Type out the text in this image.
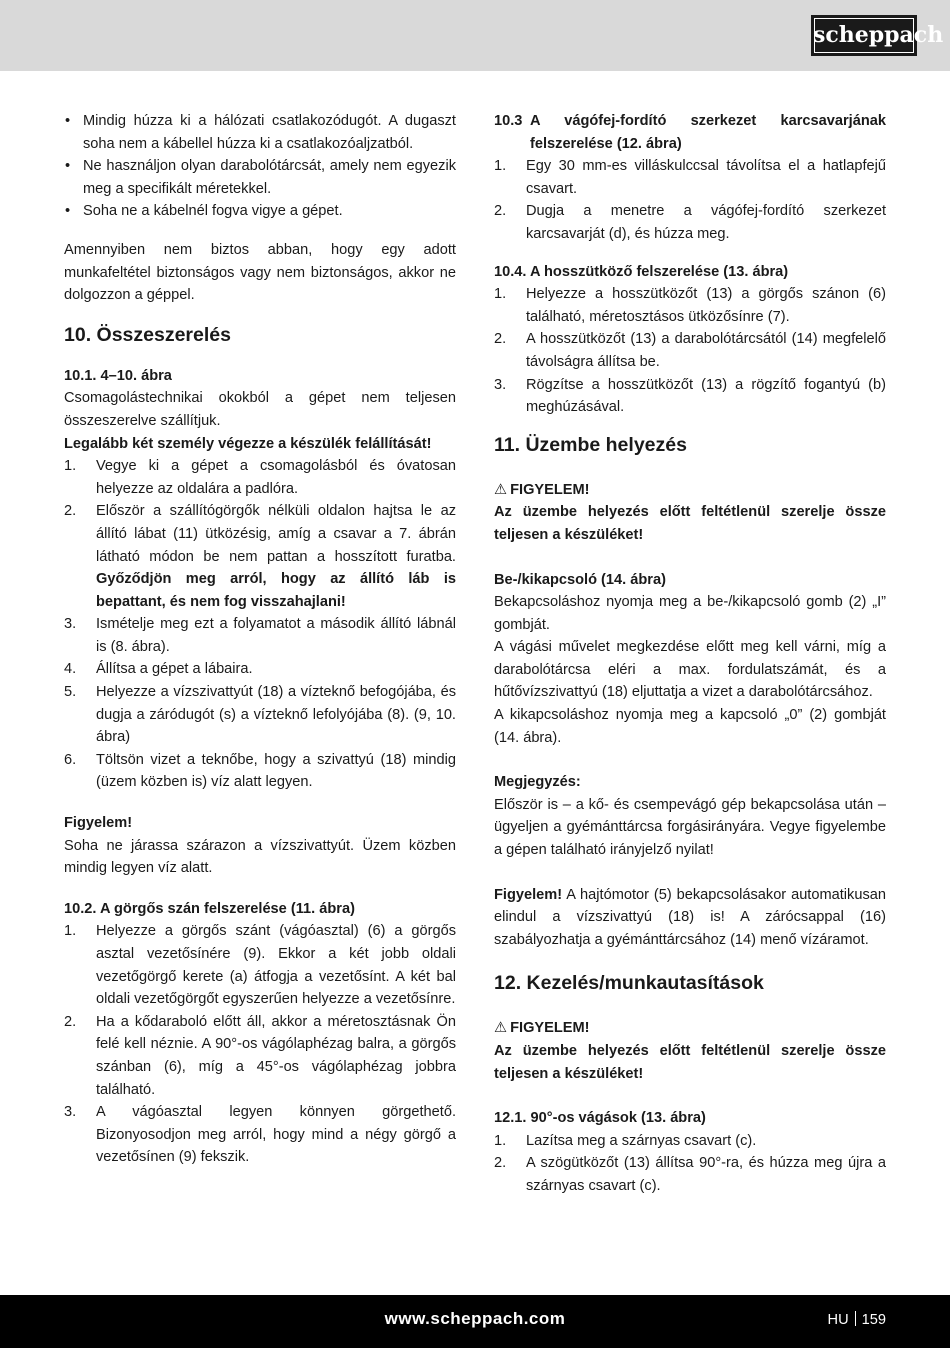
scheppach
• Mindig húzza ki a hálózati csatlakozódugót. A dugaszt soha nem a kábellel húzza ki a csatlakozóaljzatból.
• Ne használjon olyan darabolótárcsát, amely nem egyezik meg a specifikált méretekkel.
• Soha ne a kábelnél fogva vigye a gépet.

Amennyiben nem biztos abban, hogy egy adott munkafeltétel biztonságos vagy nem biztonságos, akkor ne dolgozzon a géppel.

10. Összeszerelés
10.1. 4–10. ábra

Csomagolástechnikai okokból a gépet nem teljesen összeszerelve szállítjuk.

Legalább két személy végezze a készülék felállítását!

1. Vegye ki a gépet a csomagolásból és óvatosan helyezze az oldalára a padlóra.
2. Először a szállítógörgők nélküli oldalon hajtsa le az állító lábat (11) ütközésig, amíg a csavar a 7. ábrán látható módon be nem pattan a hosszított furatba. Győződjön meg arról, hogy az állító láb is bepattant, és nem fog visszahajlani!
3. Ismételje meg ezt a folyamatot a második állító lábnál is (8. ábra).
4. Állítsa a gépet a lábaira.
5. Helyezze a vízszivattyút (18) a vízteknő befogójába, és dugja a záródugót (s) a vízteknő lefolyójába (8). (9, 10. ábra)
6. Töltsön vizet a teknőbe, hogy a szivattyú (18) mindig (üzem közben is) víz alatt legyen.
Figyelem!

Soha ne járassa szárazon a vízszivattyút. Üzem közben mindig legyen víz alatt.

10.2. A görgős szán felszerelése (11. ábra)
1. Helyezze a görgős szánt (vágóasztal) (6) a görgős asztal vezetősínére (9). Ekkor a két jobb oldali vezetőgörgő kerete (a) átfogja a vezetősínt. A két bal oldali vezetőgörgőt egyszerűen helyezze a vezetősínre.
2. Ha a kődaraboló előtt áll, akkor a méretosztásnak Ön felé kell néznie. A 90°-os vágólaphézag balra, a görgős szánban (6), míg a 45°-os vágólaphézag jobbra található.
3. A vágóasztal legyen könnyen görgethető. Bizonyosodjon meg arról, hogy mind a négy görgő a vezetősínen (9) fekszik.
10.3 A vágófej-fordító szerkezet karcsavarjának felszerelése (12. ábra)
1. Egy 30 mm-es villáskulccsal távolítsa el a hatlapfejű csavart.
2. Dugja a menetre a vágófej-fordító szerkezet karcsavarját (d), és húzza meg.
10.4. A hosszütköző felszerelése (13. ábra)
1. Helyezze a hosszütközőt (13) a görgős szánon (6) található, méretosztásos ütközősínre (7).
2. A hosszütközőt (13) a darabolótárcsától (14) megfelelő távolságra állítsa be.
3. Rögzítse a hosszütközőt (13) a rögzítő fogantyú (b) meghúzásával.
11. Üzembe helyezés
⚠ FIGYELEM!

Az üzembe helyezés előtt feltétlenül szerelje össze teljesen a készüléket!

Be-/kikapcsoló (14. ábra)

Bekapcsoláshoz nyomja meg a be-/kikapcsoló gomb (2) „I” gombját.

A vágási művelet megkezdése előtt meg kell várni, míg a darabolótárcsa eléri a max. fordulatszámát, és a hűtővízszivattyú (18) eljuttatja a vizet a darabolótárcsához.

A kikapcsoláshoz nyomja meg a kapcsoló „0” (2) gombját (14. ábra).

Megjegyzés:

Először is – a kő- és csempevágó gép bekapcsolása után – ügyeljen a gyémánttárcsa forgásirányára. Vegye figyelembe a gépen található irányjelző nyilat!

Figyelem! A hajtómotor (5) bekapcsolásakor automatikusan elindul a vízszivattyú (18) is! A zárócsappal (16) szabályozhatja a gyémánttárcsához (14) menő vízáramot.

12. Kezelés/munkautasítások
⚠ FIGYELEM!

Az üzembe helyezés előtt feltétlenül szerelje össze teljesen a készüléket!

12.1. 90°-os vágások (13. ábra)
1. Lazítsa meg a szárnyas csavart (c).
2. A szögütközőt (13) állítsa 90°-ra, és húzza meg újra a szárnyas csavart (c).
www.scheppach.com	HU 159
